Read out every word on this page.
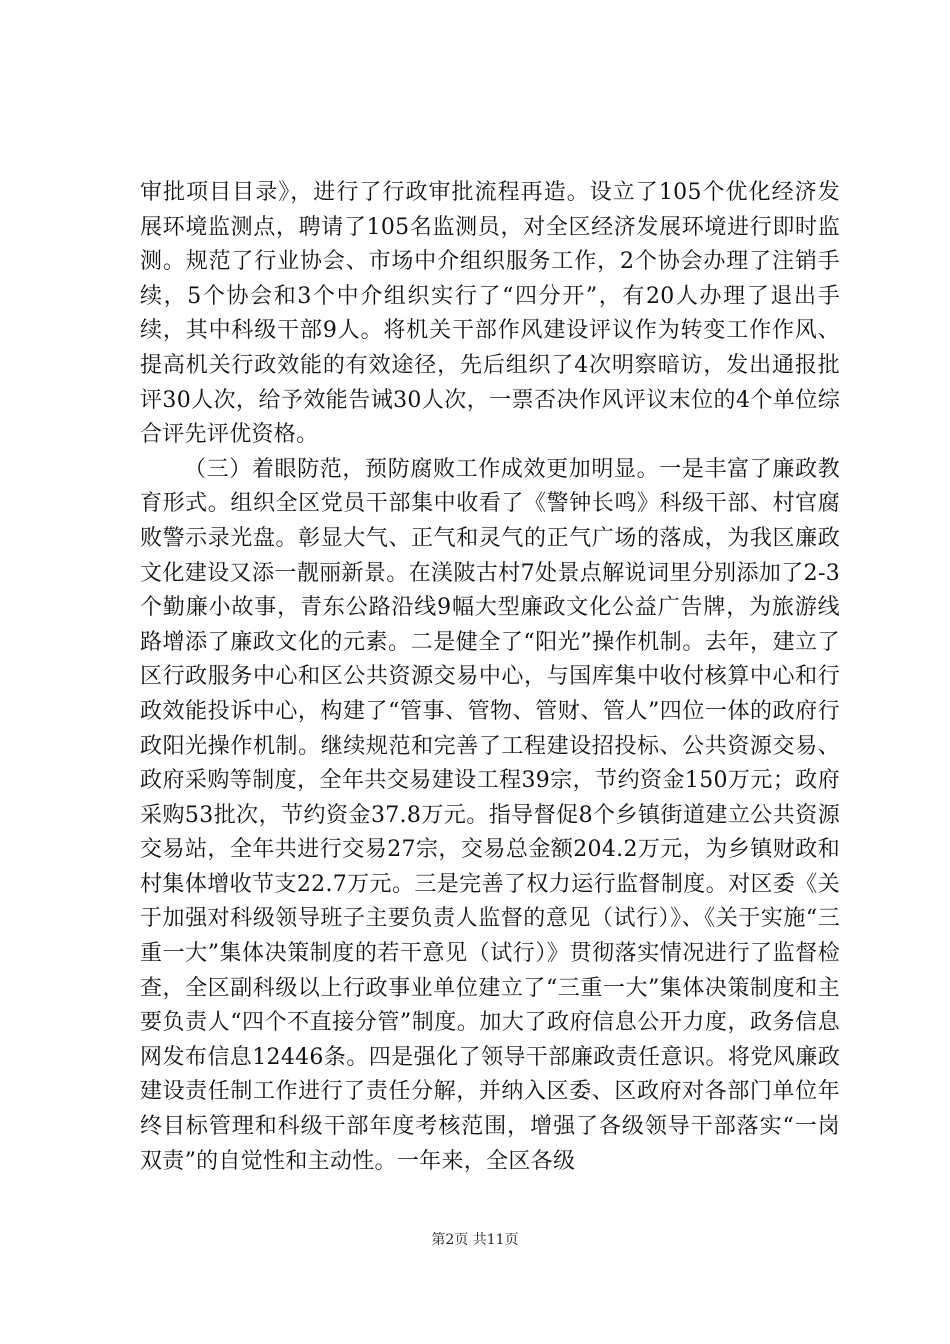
审批项目目录》，进行了行政审批流程再造。设立了105个优化经济发展环境监测点，聘请了105名监测员，对全区经济发展环境进行即时监测。规范了行业协会、市场中介组织服务工作，2个协会办理了注销手续，5个协会和3个中介组织实行了“四分开”，有20人办理了退出手续，其中科级干部9人。将机关干部作风建设评议作为转变工作作风、提高机关行政效能的有效途径，先后组织了4次明察暗访，发出通报批评30人次，给予效能告诫30人次，一票否决作风评议末位的4个单位综合评先评优资格。

（三）着眼防范，预防腐败工作成效更加明显。一是丰富了廉政教育形式。组织全区党员干部集中收看了《警钟长鸣》科级干部、村官腐败警示录光盘。彰显大气、正气和灵气的正气广场的落成，为我区廉政文化建设又添一靓丽新景。在渼陂古村7处景点解说词里分别添加了2-3个勤廉小故事，青东公路沿线9幅大型廉政文化公益广告牌，为旅游线路增添了廉政文化的元素。二是健全了“阳光”操作机制。去年，建立了区行政服务中心和区公共资源交易中心，与国库集中收付核算中心和行政效能投诉中心，构建了“管事、管物、管财、管人”四位一体的政府行政阳光操作机制。继续规范和完善了工程建设招投标、公共资源交易、政府采购等制度，全年共交易建设工程39宗，节约资金150万元；政府采购53批次，节约资金37.8万元。指导督促8个乡镇街道建立公共资源交易站，全年共进行交易27宗，交易总金额204.2万元，为乡镇财政和村集体增收节支22.7万元。三是完善了权力运行监督制度。对区委《关于加强对科级领导班子主要负责人监督的意见（试行）》、《关于实施“三重一大”集体决策制度的若干意见（试行）》贯彻落实情况进行了监督检查，全区副科级以上行政事业单位建立了“三重一大”集体决策制度和主要负责人“四个不直接分管”制度。加大了政府信息公开力度，政务信息网发布信息12446条。四是强化了领导干部廉政责任意识。将党风廉政建设责任制工作进行了责任分解，并纳入区委、区政府对各部门单位年终目标管理和科级干部年度考核范围，增强了各级领导干部落实“一岗双责”的自觉性和主动性。一年来，全区各级

第2页 共11页
